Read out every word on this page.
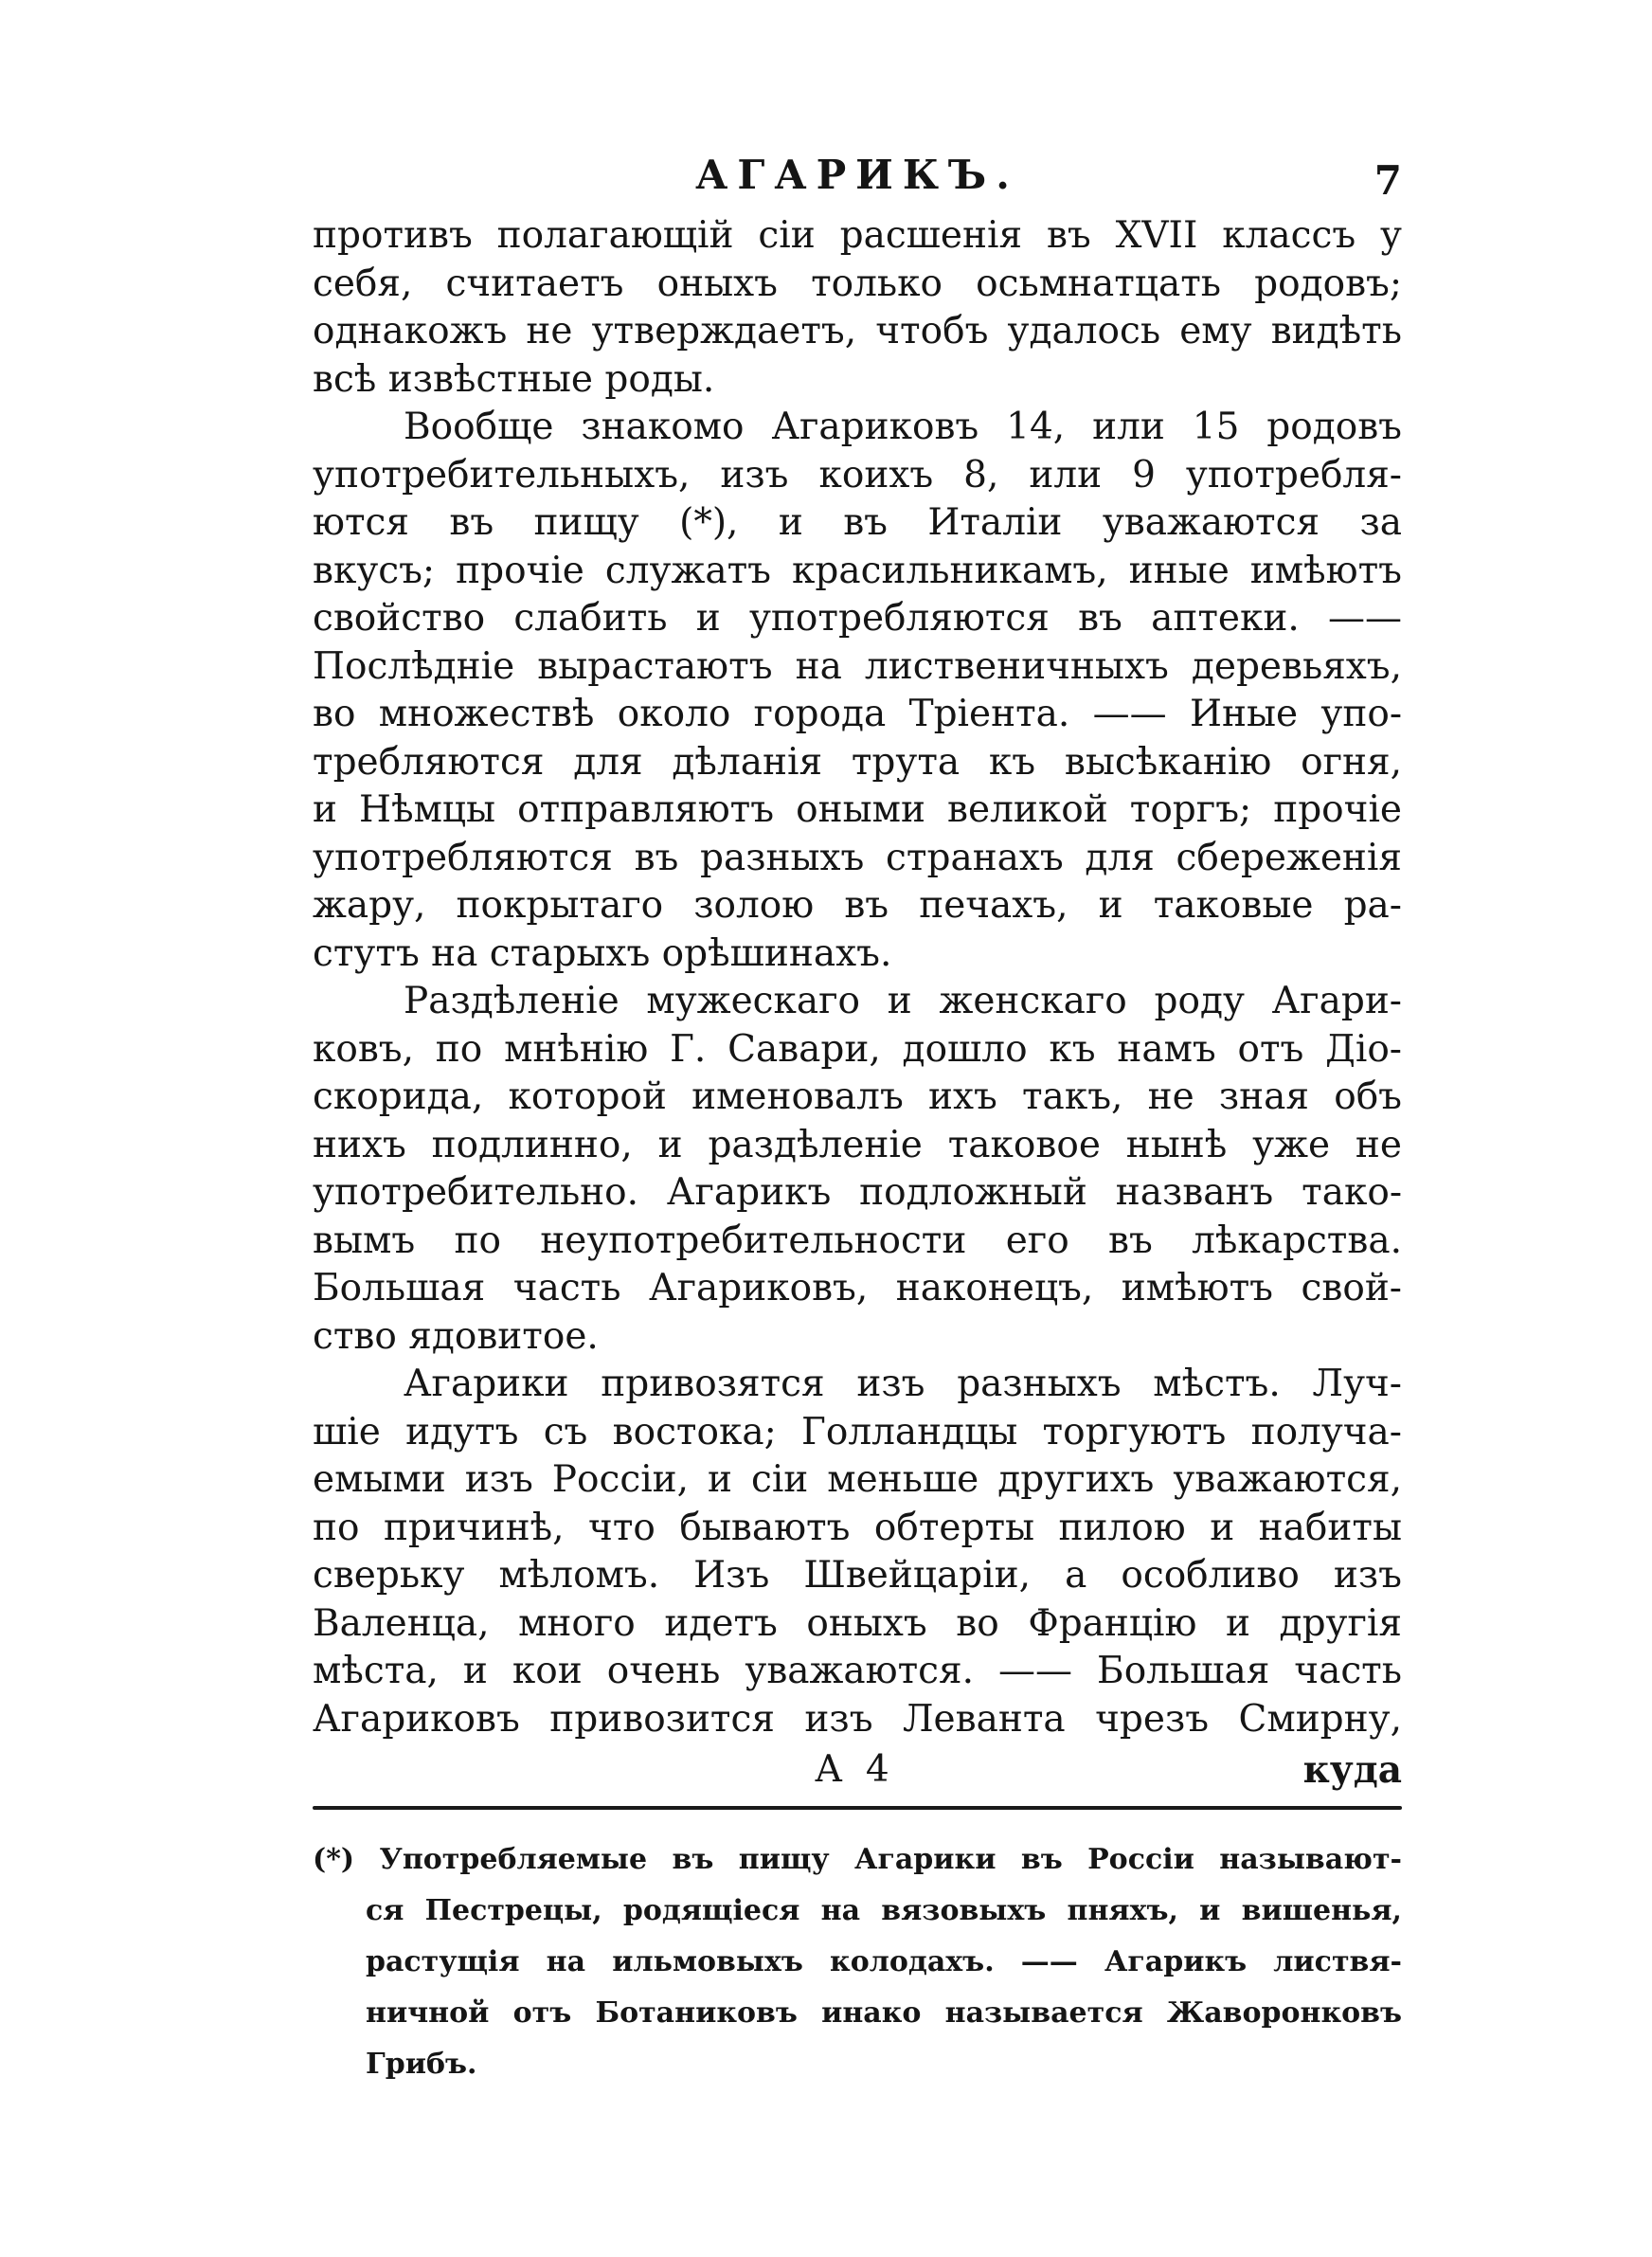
АГАРИКЪ.	7
противъ полагающій сіи расшенія въ XVII классъ у
себя, считаетъ оныхъ только осьмнатцать родовъ;
однакожъ не утверждаетъ, чтобъ удалось ему видѣть
всѣ извѣстные роды.
Вообще знакомо Агариковъ 14, или 15 родовъ
употребительныхъ, изъ коихъ 8, или 9 употребля-
ются въ пищу (*), и въ Италіи уважаются за
вкусъ; прочіе служатъ красильникамъ, иные имѣютъ
свойство слабить и употребляются въ аптеки. ——
Послѣдніе вырастаютъ на лиственичныхъ деревьяхъ,
во множествѣ около города Тріента. —— Иные упо-
требляются для дѣланія трута къ высѣканію огня,
и Нѣмцы отправляютъ оными великой торгъ; прочіе
употребляются въ разныхъ странахъ для сбереженія
жару, покрытаго золою въ печахъ, и таковые ра-
стутъ на старыхъ орѣшинахъ.
Раздѣленіе мужескаго и женскаго роду Агари-
ковъ, по мнѣнію Г. Савари, дошло къ намъ отъ Діо-
скорида, которой именовалъ ихъ такъ, не зная объ
нихъ подлинно, и раздѣленіе таковое нынѣ уже не
употребительно. Агарикъ подложный названъ тако-
вымъ по неупотребительности его въ лѣкарства.
Большая часть Агариковъ, наконецъ, имѣютъ свой-
ство ядовитое.
Агарики привозятся изъ разныхъ мѣстъ. Луч-
шіе идутъ съ востока; Голландцы торгуютъ получа-
емыми изъ Россіи, и сіи меньше другихъ уважаются,
по причинѣ, что бываютъ обтерты пилою и набиты
сверьку мѣломъ. Изъ Швейцаріи, а особливо изъ
Валенца, много идетъ оныхъ во Францію и другія
мѣста, и кои очень уважаются. —— Большая часть
Агариковъ привозится изъ Леванта чрезъ Смирну,
А 4	куда
(*) Употребляемые въ пищу Агарики въ Россіи называют-
ся Пестрецы, родящіеся на вязовыхъ пняхъ, и вишенья,
растущія на ильмовыхъ колодахъ. —— Агарикъ листвя-
ничной отъ Ботаниковъ инако называется Жаворонковъ
Грибъ.
